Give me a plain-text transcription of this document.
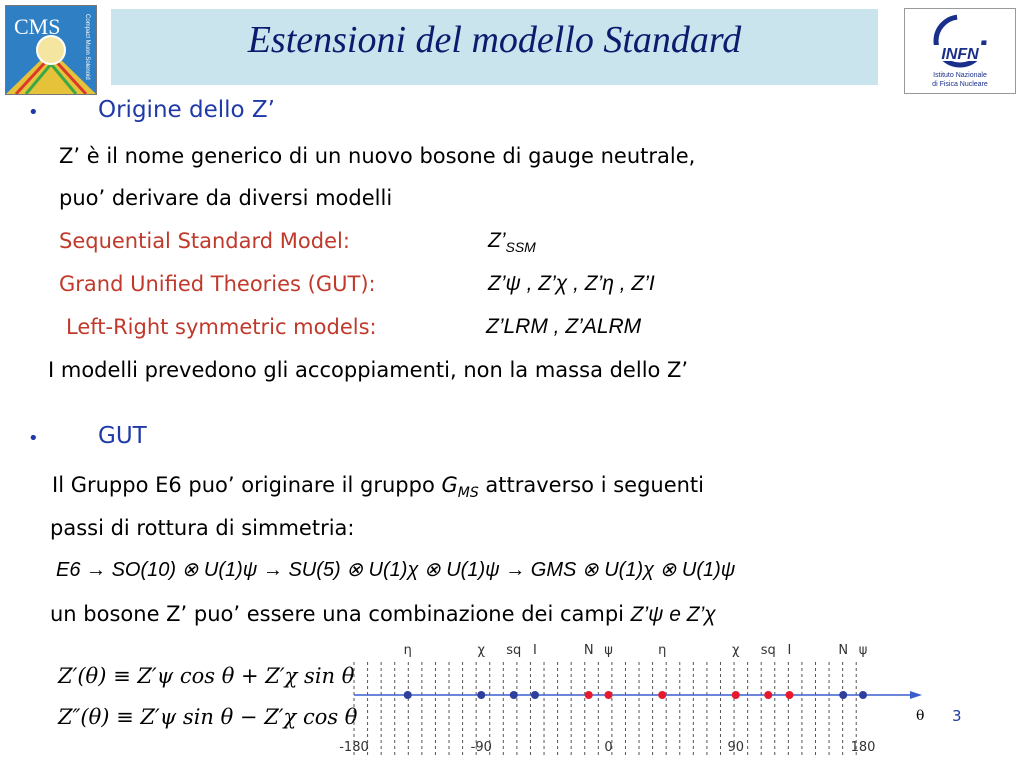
Estensioni del modello Standard
CMS	Compact Muon Solenoid	INFN
Istituto Nazionale
di Fisica Nucleare
•	Origine dello Z’
Z’ è il nome generico di un nuovo bosone di gauge neutrale,
puo’ derivare da diversi modelli
Sequential Standard Model:	$Z’_{SSM}$
Grand Unified Theories (GUT):	Z’ψ , Z’χ , Z’η , Z’I
Left-Right symmetric models:	Z’LRM , Z’ALRM
I modelli prevedono gli accoppiamenti, non la massa dello Z’
•	GUT
Il Gruppo E6 puo’ originare il gruppo $G_{MS}$ attraverso i seguenti
passi di rottura di simmetria:
E6 → SO(10) ⊗ U(1)ψ → SU(5) ⊗ U(1)χ ⊗ U(1)ψ → GMS ⊗ U(1)χ ⊗ U(1)ψ
un bosone Z’ puo’ essere una combinazione dei campi Z’ψ e Z’χ
Z′(θ) ≡ Z′ψ cos θ + Z′χ sin θ
Z″(θ) ≡ Z′ψ sin θ − Z′χ cos θ
η	χ sq I	N ψ	η	χ sq I	N ψ
-180	-90	0	90	180
θ 3
